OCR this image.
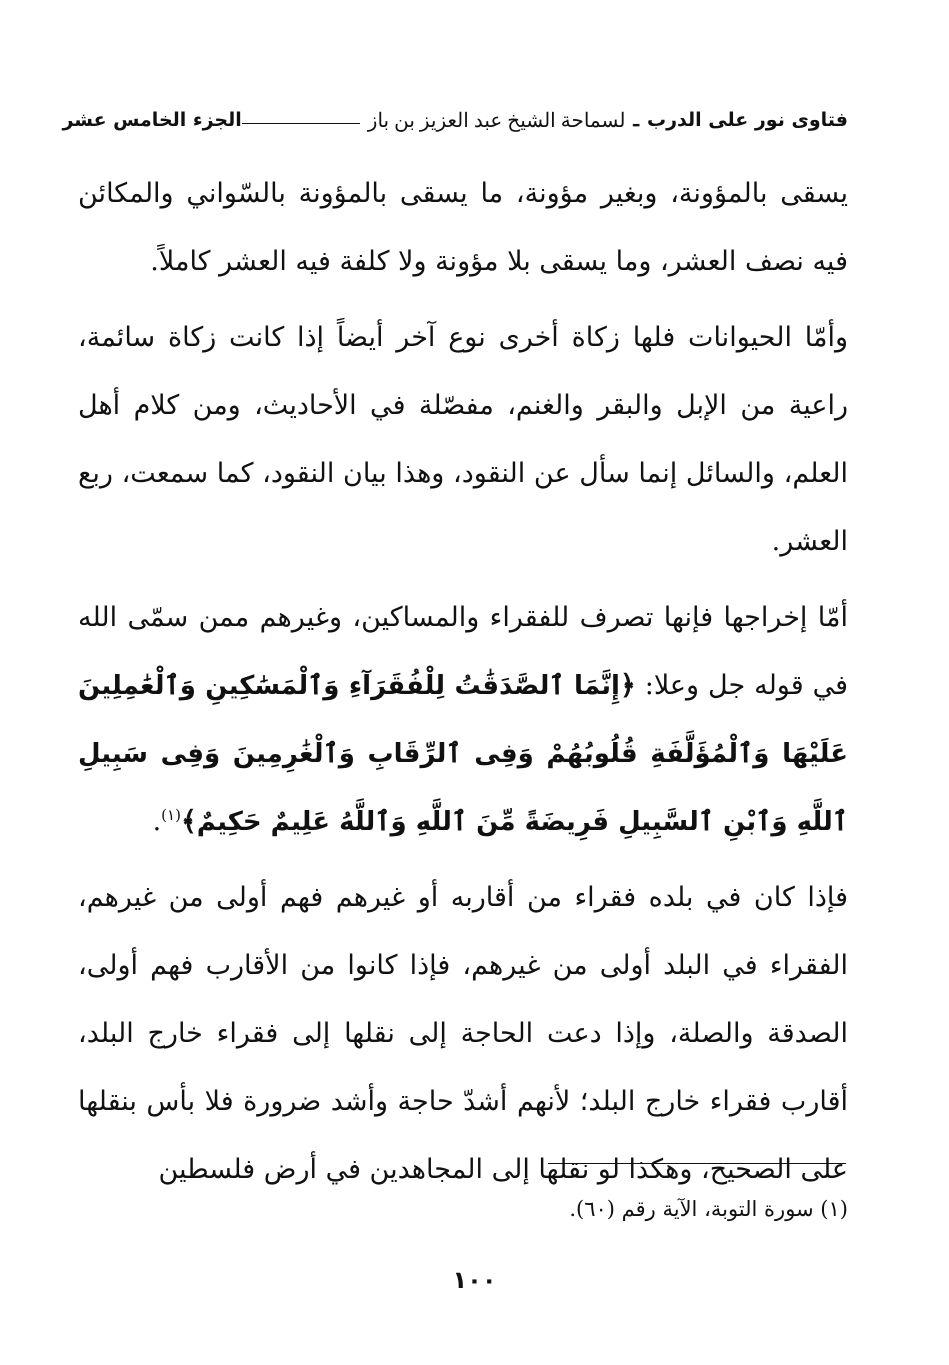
فتاوى نور على الدرب
ـ
لسماحة الشيخ عبد العزيز بن باز
الجزء الخامس عشر

يسقى بالمؤونة، وبغير مؤونة، ما يسقى بالمؤونة بالسّواني والمكائن فيه نصف العشر، وما يسقى بلا مؤونة ولا كلفة فيه العشر كاملاً.

وأمّا الحيوانات فلها زكاة أخرى نوع آخر أيضاً إذا كانت زكاة سائمة، راعية من الإبل والبقر والغنم، مفصّلة في الأحاديث، ومن كلام أهل العلم، والسائل إنما سأل عن النقود، وهذا بيان النقود، كما سمعت، ربع العشر.

أمّا إخراجها فإنها تصرف للفقراء والمساكين، وغيرهم ممن سمّى الله في قوله جل وعلا: ﴿إِنَّمَا ٱلصَّدَقَٰتُ لِلْفُقَرَآءِ وَٱلْمَسَٰكِينِ وَٱلْعَٰمِلِينَ عَلَيْهَا وَٱلْمُؤَلَّفَةِ قُلُوبُهُمْ وَفِى ٱلرِّقَابِ وَٱلْغَٰرِمِينَ وَفِى سَبِيلِ ٱللَّهِ وَٱبْنِ ٱلسَّبِيلِ فَرِيضَةً مِّنَ ٱللَّهِ وَٱللَّهُ عَلِيمٌ حَكِيمٌ﴾$^{(١)}$.

فإذا كان في بلده فقراء من أقاربه أو غيرهم فهم أولى من غيرهم، الفقراء في البلد أولى من غيرهم، فإذا كانوا من الأقارب فهم أولى، الصدقة والصلة، وإذا دعت الحاجة إلى نقلها إلى فقراء خارج البلد، أقارب فقراء خارج البلد؛ لأنهم أشدّ حاجة وأشد ضرورة فلا بأس بنقلها على الصحيح، وهكذا لو نقلها إلى المجاهدين في أرض فلسطين

(١) سورة التوبة، الآية رقم (٦٠).
١٠٠
